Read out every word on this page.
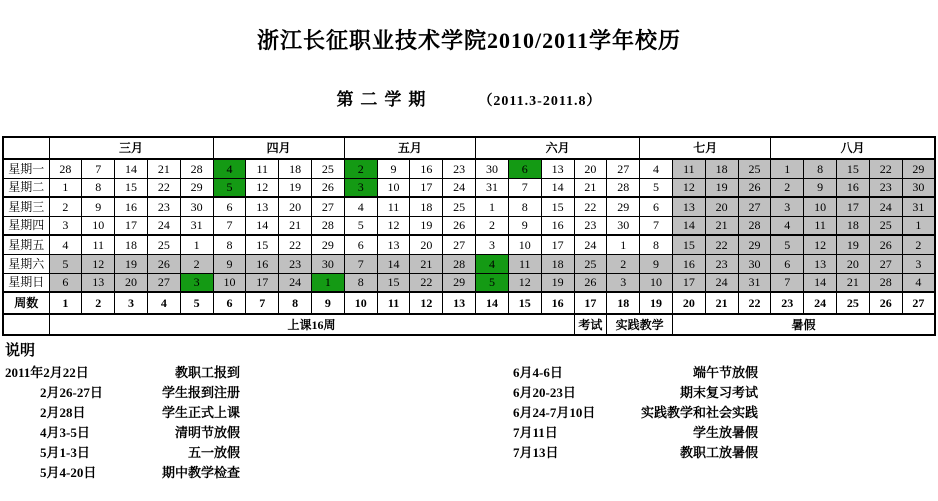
浙江长征职业技术学院2010/2011学年校历
第二学期	（2011.3-2011.8）
	三月					四月				五月				六月					七月				八月				
星期一	28	7	14	21	28	4	11	18	25	2	9	16	23	30	6	13	20	27	4	11	18	25	1	8	15	22	29
星期二	1	8	15	22	29	5	12	19	26	3	10	17	24	31	7	14	21	28	5	12	19	26	2	9	16	23	30
星期三	2	9	16	23	30	6	13	20	27	4	11	18	25	1	8	15	22	29	6	13	20	27	3	10	17	24	31
星期四	3	10	17	24	31	7	14	21	28	5	12	19	26	2	9	16	23	30	7	14	21	28	4	11	18	25	1
星期五	4	11	18	25	1	8	15	22	29	6	13	20	27	3	10	17	24	1	8	15	22	29	5	12	19	26	2
星期六	5	12	19	26	2	9	16	23	30	7	14	21	28	4	11	18	25	2	9	16	23	30	6	13	20	27	3
星期日	6	13	20	27	3	10	17	24	1	8	15	22	29	5	12	19	26	3	10	17	24	31	7	14	21	28	4
周数	1	2	3	4	5	6	7	8	9	10	11	12	13	14	15	16	17	18	19	20	21	22	23	24	25	26	27
	上课16周																考试	实践教学		暑假							
说明
2011年2月22日	教职工报到
2月26-27日	学生报到注册
2月28日	学生正式上课
4月3-5日	清明节放假
5月1-3日	五一放假
5月4-20日	期中教学检查
6月4-6日	端午节放假
6月20-23日	期末复习考试
6月24-7月10日	实践教学和社会实践
7月11日	学生放暑假
7月13日	教职工放暑假
